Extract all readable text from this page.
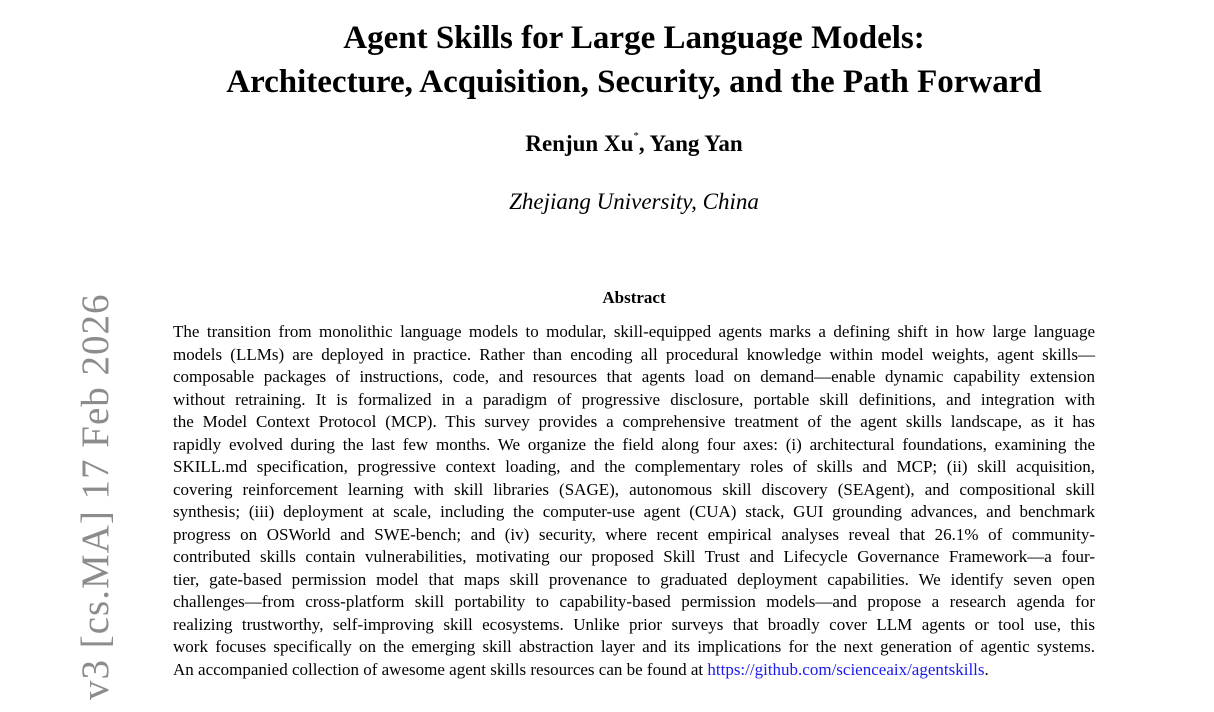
Agent Skills for Large Language Models:
Architecture, Acquisition, Security, and the Path Forward
Renjun Xu*, Yang Yan
Zhejiang University, China
Abstract
The transition from monolithic language models to modular, skill-equipped agents marks a defining shift in how large language
models (LLMs) are deployed in practice. Rather than encoding all procedural knowledge within model weights, agent skills—
composable packages of instructions, code, and resources that agents load on demand—enable dynamic capability extension
without retraining. It is formalized in a paradigm of progressive disclosure, portable skill definitions, and integration with
the Model Context Protocol (MCP). This survey provides a comprehensive treatment of the agent skills landscape, as it has
rapidly evolved during the last few months. We organize the field along four axes: (i) architectural foundations, examining the
SKILL.md specification, progressive context loading, and the complementary roles of skills and MCP; (ii) skill acquisition,
covering reinforcement learning with skill libraries (SAGE), autonomous skill discovery (SEAgent), and compositional skill
synthesis; (iii) deployment at scale, including the computer-use agent (CUA) stack, GUI grounding advances, and benchmark
progress on OSWorld and SWE-bench; and (iv) security, where recent empirical analyses reveal that 26.1% of community-
contributed skills contain vulnerabilities, motivating our proposed Skill Trust and Lifecycle Governance Framework—a four-
tier, gate-based permission model that maps skill provenance to graduated deployment capabilities. We identify seven open
challenges—from cross-platform skill portability to capability-based permission models—and propose a research agenda for
realizing trustworthy, self-improving skill ecosystems. Unlike prior surveys that broadly cover LLM agents or tool use, this
work focuses specifically on the emerging skill abstraction layer and its implications for the next generation of agentic systems.
An accompanied collection of awesome agent skills resources can be found at https://github.com/scienceaix/agentskills.
v3 [cs.MA] 17 Feb 2026
